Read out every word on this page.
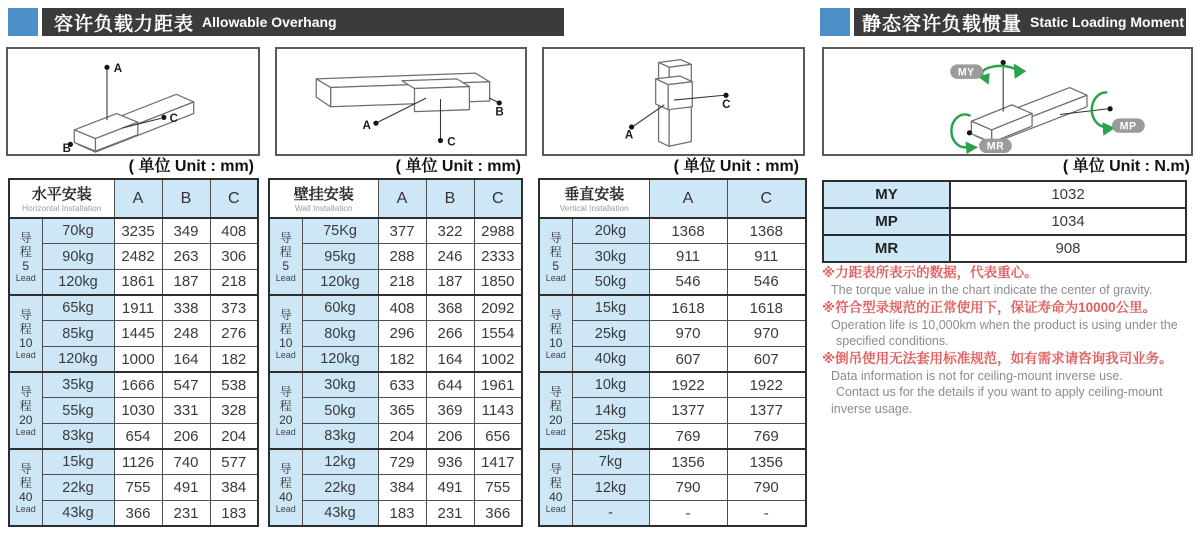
容许负载力距表 Allowable Overhang	静态容许负载惯量 Static Loading Moment
A
C
B
( 单位 Unit : mm)
B
A
C
( 单位 Unit : mm)
A
C
( 单位 Unit : mm)
MY
MP
MR
( 单位 Unit : N.m)
水平安装
Horizontal Installation		A	B	C

导
程
5
Lead	70kg	3235	349	408
	90kg	2482	263	306
	120kg	1861	187	218

导
程
10
Lead	65kg	1911	338	373
	85kg	1445	248	276
	120kg	1000	164	182

导
程
20
Lead	35kg	1666	547	538
	55kg	1030	331	328
	83kg	654	206	204

导
程
40
Lead	15kg	1126	740	577
	22kg	755	491	384
	43kg	366	231	183
壁挂安装
Wall Installation		A	B	C

导
程
5
Lead	75Kg	377	322	2988
	95kg	288	246	2333
	120kg	218	187	1850

导
程
10
Lead	60kg	408	368	2092
	80kg	296	266	1554
	120kg	182	164	1002

导
程
20
Lead	30kg	633	644	1961
	50kg	365	369	1143
	83kg	204	206	656

导
程
40
Lead	12kg	729	936	1417
	22kg	384	491	755
	43kg	183	231	366
垂直安装
Vertical Installation		A	C

导
程
5
Lead	20kg	1368	1368
	30kg	911	911
	50kg	546	546

导
程
10
Lead	15kg	1618	1618
	25kg	970	970
	40kg	607	607

导
程
20
Lead	10kg	1922	1922
	14kg	1377	1377
	25kg	769	769

导
程
40
Lead	7kg	1356	1356
	12kg	790	790
	-	-	-
MY	1032
MP	1034
MR	908
※力距表所表示的数据，代表重心。
The torque value in the chart indicate the center of gravity.
※符合型录规范的正常使用下，保证寿命为10000公里。
Operation life is 10,000km when the product is using under the
specified conditions.
※倒吊使用无法套用标准规范，如有需求请咨询我司业务。
Data information is not for ceiling-mount inverse use.
Contact us for the details if you want to apply ceiling-mount
inverse usage.
